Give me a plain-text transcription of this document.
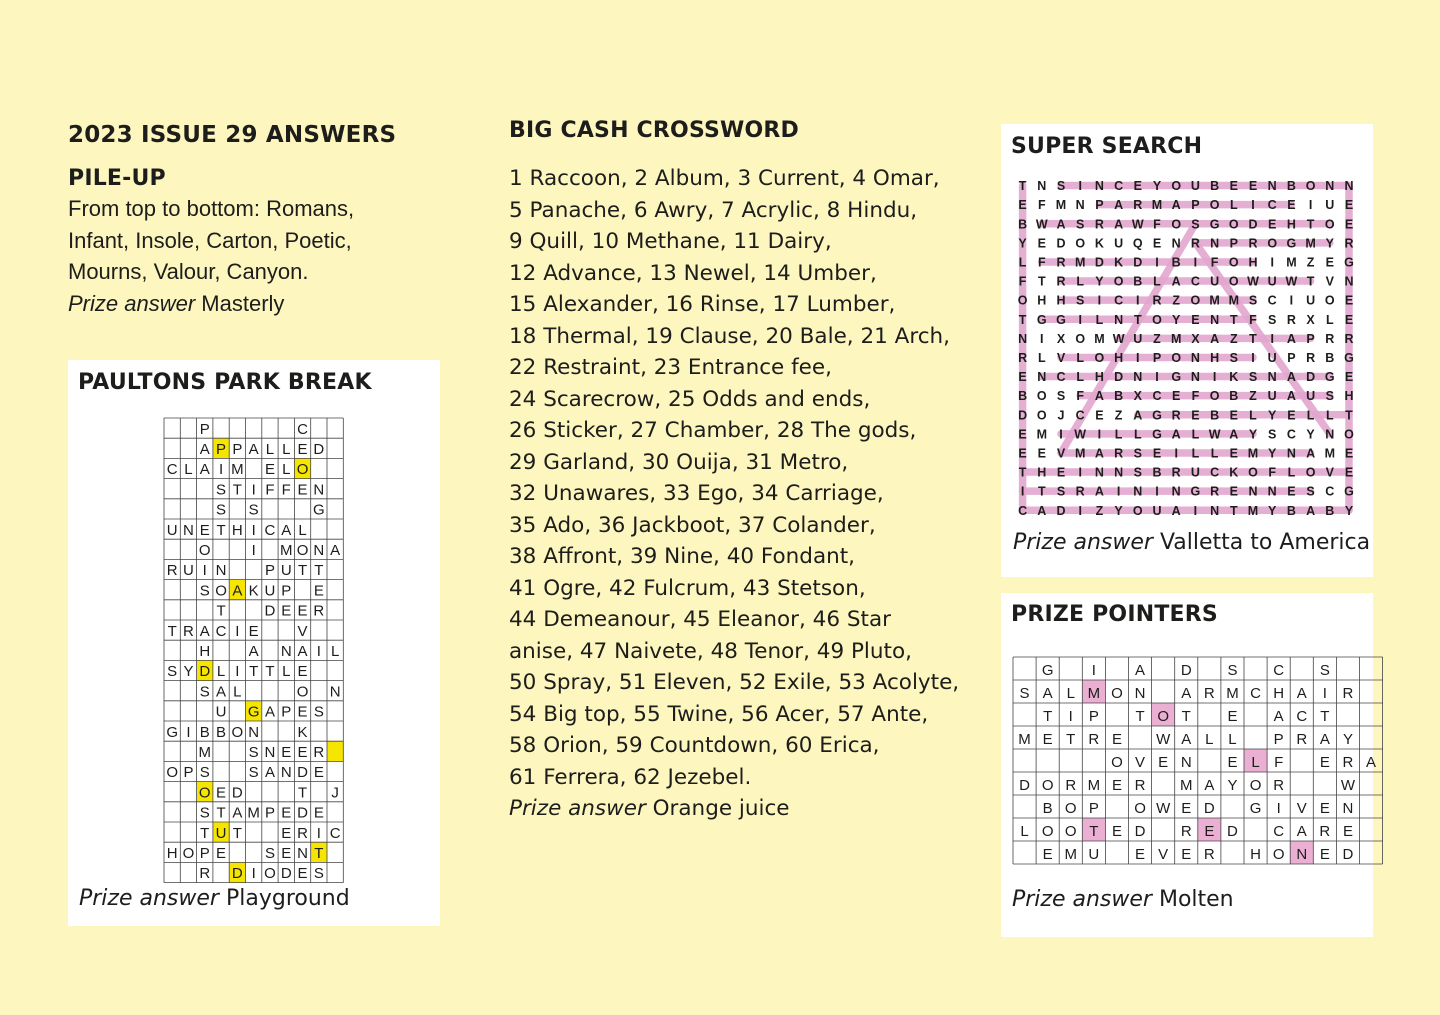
2023 ISSUE 29 ANSWERS
PILE-UP

From top to bottom: Romans,
Infant, Insole, Carton, Poetic,
Mourns, Valour, Canyon.
Prize answer Masterly

PAULTONS PARK BREAK
P	C
A P P A L L E D
C L A I M E L O
S T I F F E N
S S	G
U N E T H I C A L
O	I M O N A
R U I N	P U T T
S O A K U P E
T	D E E R
T R A C I E	V
H	A N A I L
S Y D L I T T L E
S A L	O N
U G A P E S
G I B B O N	K
M	S N E E R
O P S	S A N D E
O E D	T J
S T A M P E D E
T U T	E R I C
H O P E	S E N T
R D I O D E S
Prize answer Playground
BIG CASH CROSSWORD
1 Raccoon, 2 Album, 3 Current, 4 Omar,
5 Panache, 6 Awry, 7 Acrylic, 8 Hindu,
9 Quill, 10 Methane, 11 Dairy,
12 Advance, 13 Newel, 14 Umber,
15 Alexander, 16 Rinse, 17 Lumber,
18 Thermal, 19 Clause, 20 Bale, 21 Arch,
22 Restraint, 23 Entrance fee,
24 Scarecrow, 25 Odds and ends,
26 Sticker, 27 Chamber, 28 The gods,
29 Garland, 30 Ouija, 31 Metro,
32 Unawares, 33 Ego, 34 Carriage,
35 Ado, 36 Jackboot, 37 Colander,
38 Affront, 39 Nine, 40 Fondant,
41 Ogre, 42 Fulcrum, 43 Stetson,
44 Demeanour, 45 Eleanor, 46 Star
anise, 47 Naivete, 48 Tenor, 49 Pluto,
50 Spray, 51 Eleven, 52 Exile, 53 Acolyte,
54 Big top, 55 Twine, 56 Acer, 57 Ante,
58 Orion, 59 Countdown, 60 Erica,
61 Ferrera, 62 Jezebel.
Prize answer Orange juice
SUPER SEARCH
T N S I N C E Y O U B E E N B O N N
E F M N P A R M A P O L I C E I U E
B W A S R A W F O S G O D E H T O E
Y E D O K U Q E N R N P R O G M Y R
L F R M D K D I B I F O H I M Z E G
F T R L Y O B L A C U O W U W T V N
O H H S I C I R Z O M M S C I U O E
T G G I L N T O Y E N T F S R X L E
N I X O M W U Z M X A Z T I A P R R
R L V L O H I P O N H S I U P R B G
E N C L H D N I G N I K S N A D G E
B O S F A B X C E F O B Z U A U S H
D O J C E Z A G R E B E L Y E L L T
E M I W I L L G A L W A Y S C Y N O
E E V M A R S E I L L E M Y N A M E
T H E I N N S B R U C K O F L O V E
I T S R A I N I N G R E N N E S C G
C A D I Z Y O U A I N T M Y B A B Y
Prize answer Valletta to America
PRIZE POINTERS
G	I	A D S C S
S A L M O N A R M C H A I R
T I P T O T E A C T
M E T R E W A L L P R A Y
O V E N E L F E R A
D O R M E R M A Y O R	W
B O P O W E D G I V E N
L O O T E D R E D C A R E
E M U E V E R H O N E D
Prize answer Molten
